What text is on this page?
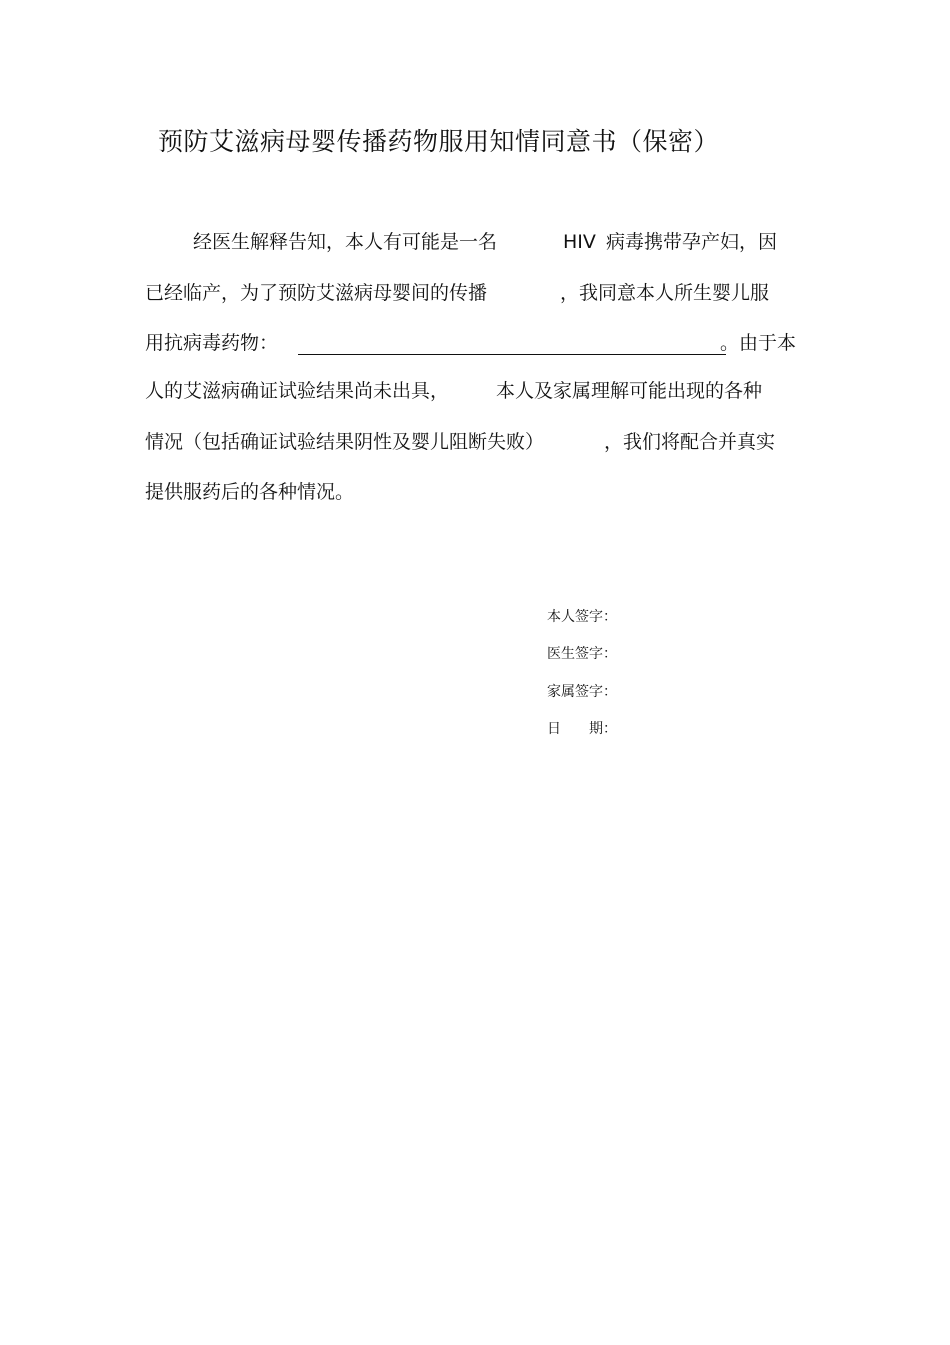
预防艾滋病母婴传播药物服用知情同意书（保密）
经医生解释告知，本人有可能是一名	HIV 病毒携带孕产妇，因
已经临产，为了预防艾滋病母婴间的传播	，我同意本人所生婴儿服
用抗病毒药物：	。由于本
人的艾滋病确证试验结果尚未出具， 本人及家属理解可能出现的各种
情况（包括确证试验结果阴性及婴儿阻断失败）	，我们将配合并真实
提供服药后的各种情况。
本人签字：
医生签字：
家属签字：
日　　期：
